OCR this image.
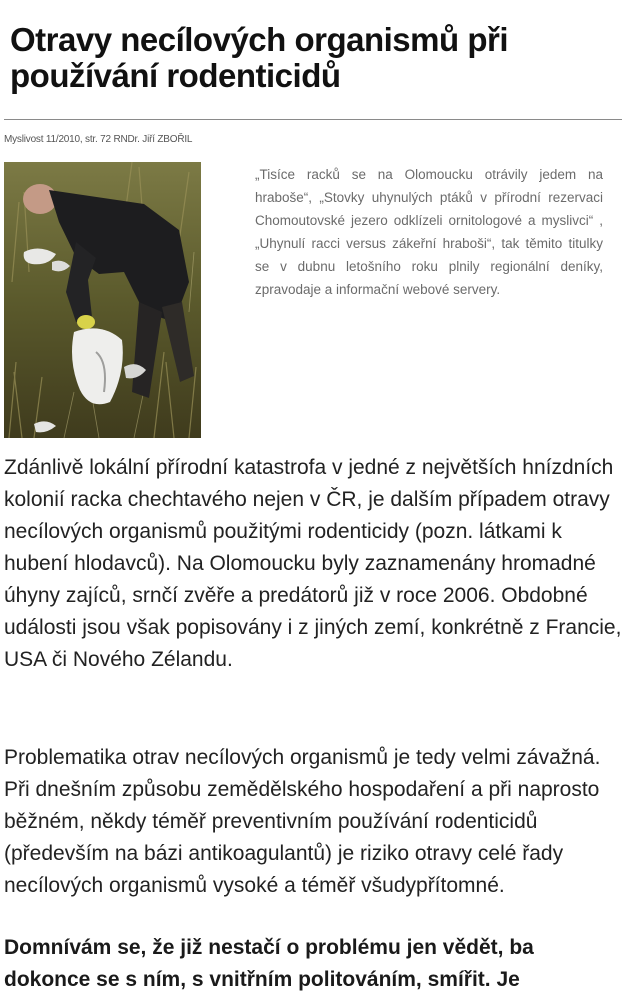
Otravy necílových organismů při používání rodenticidů
Myslivost 11/2010, str. 72 RNDr. Jiří ZBOŘIL

„Tisíce racků se na Olomoucku otrávily jedem na hraboše“, „Stovky uhynulých ptáků v přírodní rezervaci Chomoutovské jezero odklízeli ornitologové a myslivci“ , „Uhynulí racci versus zákeřní hraboši“, tak těmito titulky se v dubnu letošního roku plnily regionální deníky, zpravodaje a informační webové servery.

Zdánlivě lokální přírodní katastrofa v jedné z největších hnízdních kolonií racka chechtavého nejen v ČR, je dalším případem otravy necílových organismů použitými rodenticidy (pozn. látkami k hubení hlodavců). Na Olomoucku byly zaznamenány hromadné úhyny zajíců, srnčí zvěře a predátorů již v roce 2006. Obdobné události jsou však popisovány i z jiných zemí, konkrétně z Francie, USA či Nového Zélandu.

Problematika otrav necílových organismů je tedy velmi závažná. Při dnešním způsobu zemědělského hospodaření a při naprosto běžném, někdy téměř preventivním používání rodenticidů (především na bázi antikoagulantů) je riziko otravy celé řady necílových organismů vysoké a téměř všudypřítomné.

Domnívám se, že již nestačí o problému jen vědět, ba dokonce se s ním, s vnitřním politováním, smířit. Je
